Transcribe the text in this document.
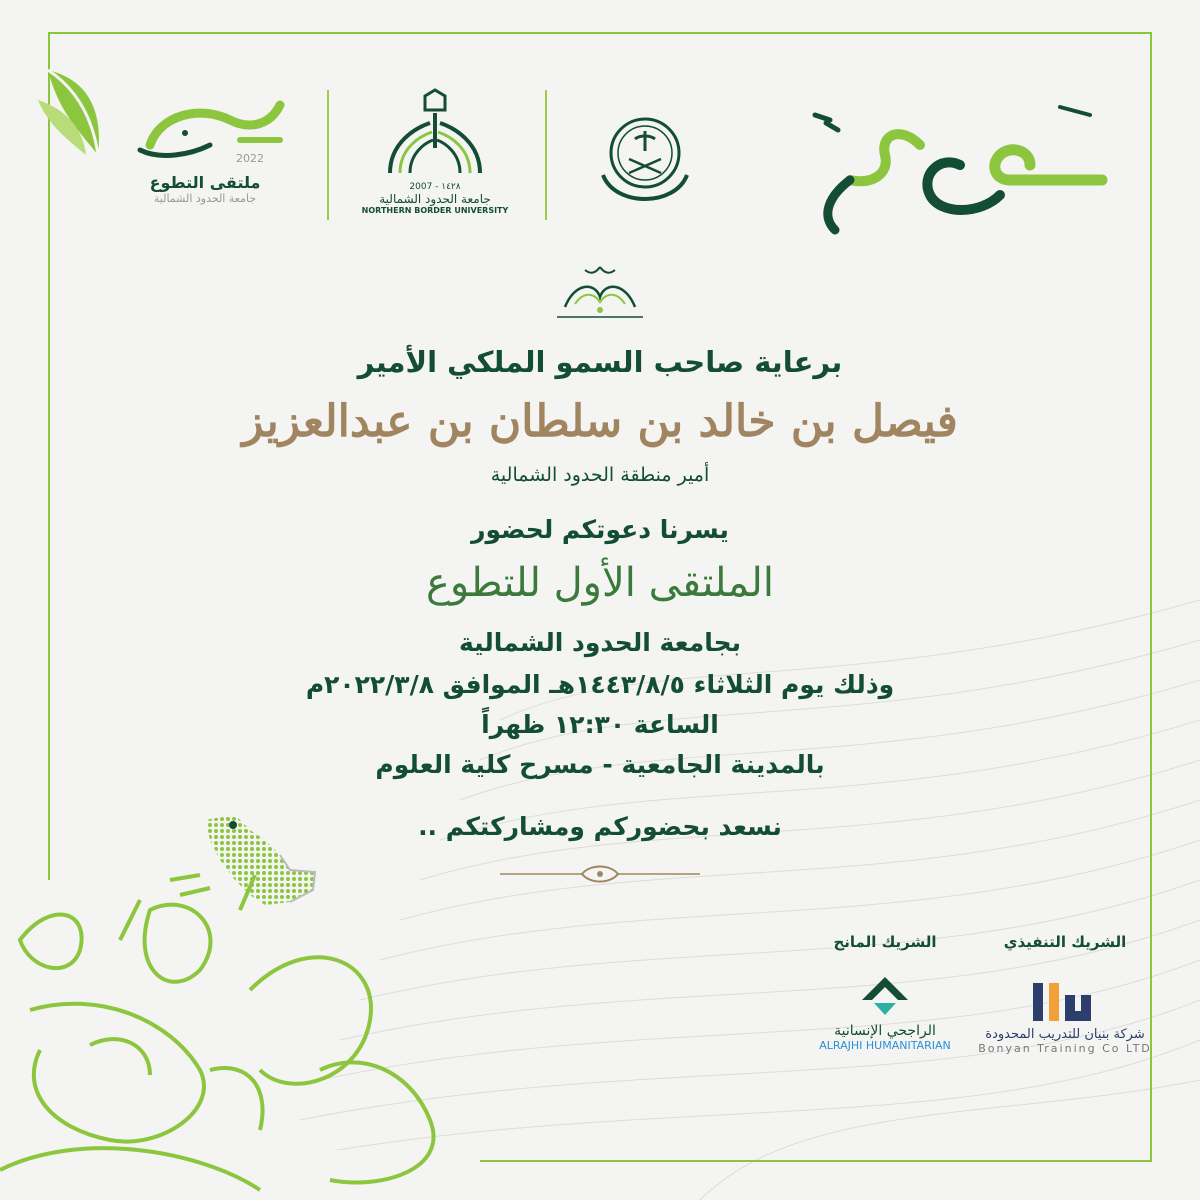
2022
ملتقى التطوع
جامعة الحدود الشمالية
2007 - ١٤٢٨
جامعة الحدود الشمالية
NORTHERN BORDER UNIVERSITY
برعاية صاحب السمو الملكي الأمير
فيصل بن خالد بن سلطان بن عبدالعزيز
أمير منطقة الحدود الشمالية
يسرنا دعوتكم لحضور
الملتقى الأول للتطوع
بجامعة الحدود الشمالية
وذلك يوم الثلاثاء ١٤٤٣/٨/٥هـ الموافق ٢٠٢٢/٣/٨م
الساعة ١٢:٣٠ ظهراً
بالمدينة الجامعية - مسرح كلية العلوم
نسعد بحضوركم ومشاركتكم ..
الشريك المانح	الشريك التنفيذي
الراجحي الإنسانية
ALRAJHI HUMANITARIAN
شركة بنيان للتدريب المحدودة
Bonyan Training Co LTD
